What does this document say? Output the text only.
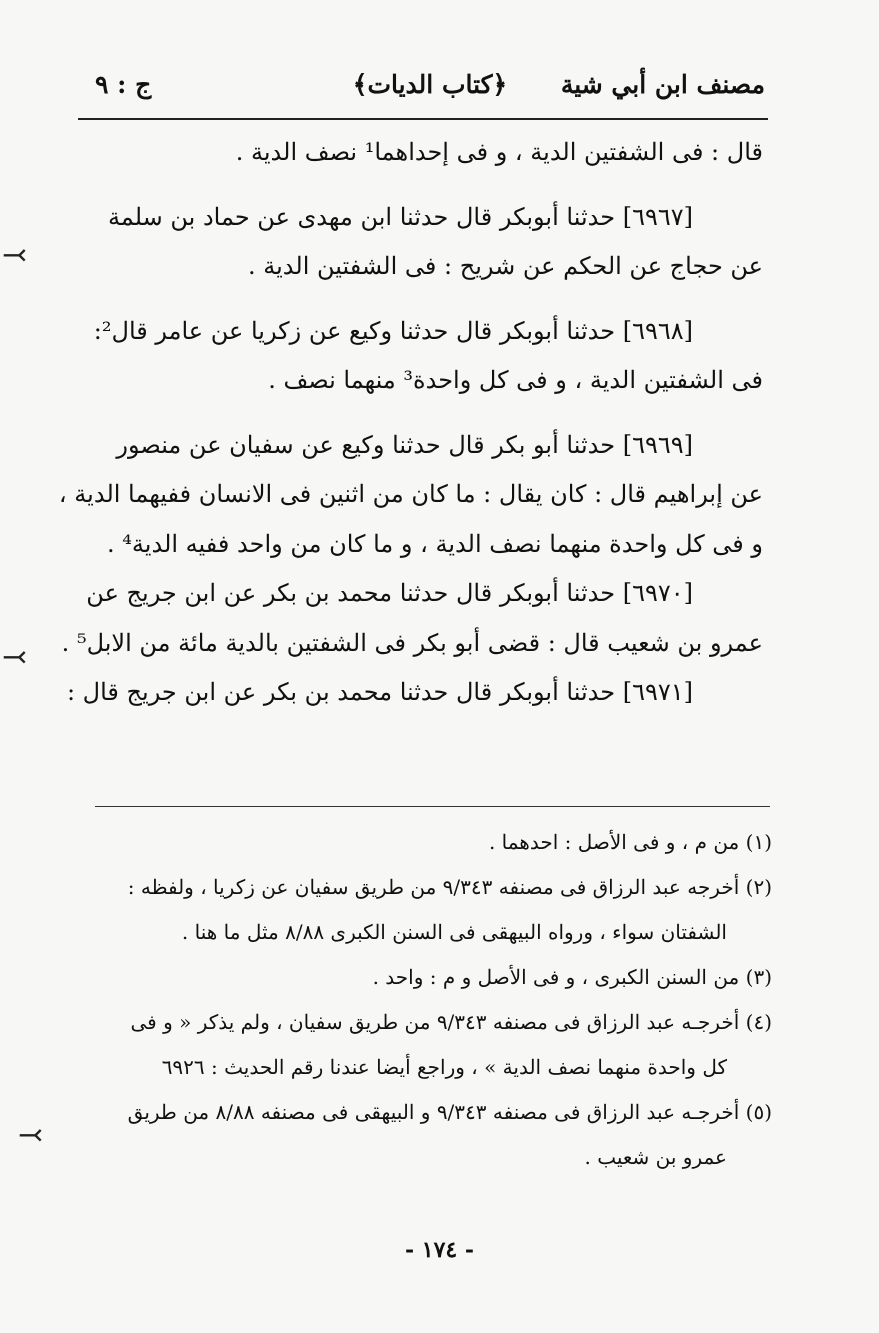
مصنف ابن أبي شية
﴿كتاب الديات﴾
ج : ٩
قال : فى الشفتين الدية ، و فى إحداهما¹ نصف الدية .
[٦٩٦٧] حدثنا أبوبكر قال حدثنا ابن مهدى عن حماد بن سلمة
عن حجاج عن الحكم عن شريح : فى الشفتين الدية .
[٦٩٦٨] حدثنا أبوبكر قال حدثنا وكيع عن زكريا عن عامر قال²:
فى الشفتين الدية ، و فى كل واحدة³ منهما نصف .
[٦٩٦٩] حدثنا أبو بكر قال حدثنا وكيع عن سفيان عن منصور
عن إبراهيم قال : كان يقال : ما كان من اثنين فى الانسان ففيهما الدية ،
و فى كل واحدة منهما نصف الدية ، و ما كان من واحد ففيه الدية⁴ .
[٦٩٧٠] حدثنا أبوبكر قال حدثنا محمد بن بكر عن ابن جريج عن
عمرو بن شعيب قال : قضى أبو بكر فى الشفتين بالدية مائة من الابل⁵ .
[٦٩٧١] حدثنا أبوبكر قال حدثنا محمد بن بكر عن ابن جريج قال :
(١) من م ، و فى الأصل : احدهما .
(٢) أخرجه عبد الرزاق فى مصنفه ٩/٣٤٣ من طريق سفيان عن زكريا ، ولفظه :
الشفتان سواء ، ورواه البيهقى فى السنن الكبرى ٨/٨٨ مثل ما هنا .
(٣) من السنن الكبرى ، و فى الأصل و م : واحد .
(٤) أخرجـه عبد الرزاق فى مصنفه ٩/٣٤٣ من طريق سفيان ، ولم يذكر « و فى
كل واحدة منهما نصف الدية » ، وراجع أيضا عندنا رقم الحديث : ٦٩٢٦
(٥) أخرجـه عبد الرزاق فى مصنفه ٩/٣٤٣ و البيهقى فى مصنفه ٨/٨٨ من طريق
عمرو بن شعيب .
- ١٧٤ -
⤙
⤙
⤙
